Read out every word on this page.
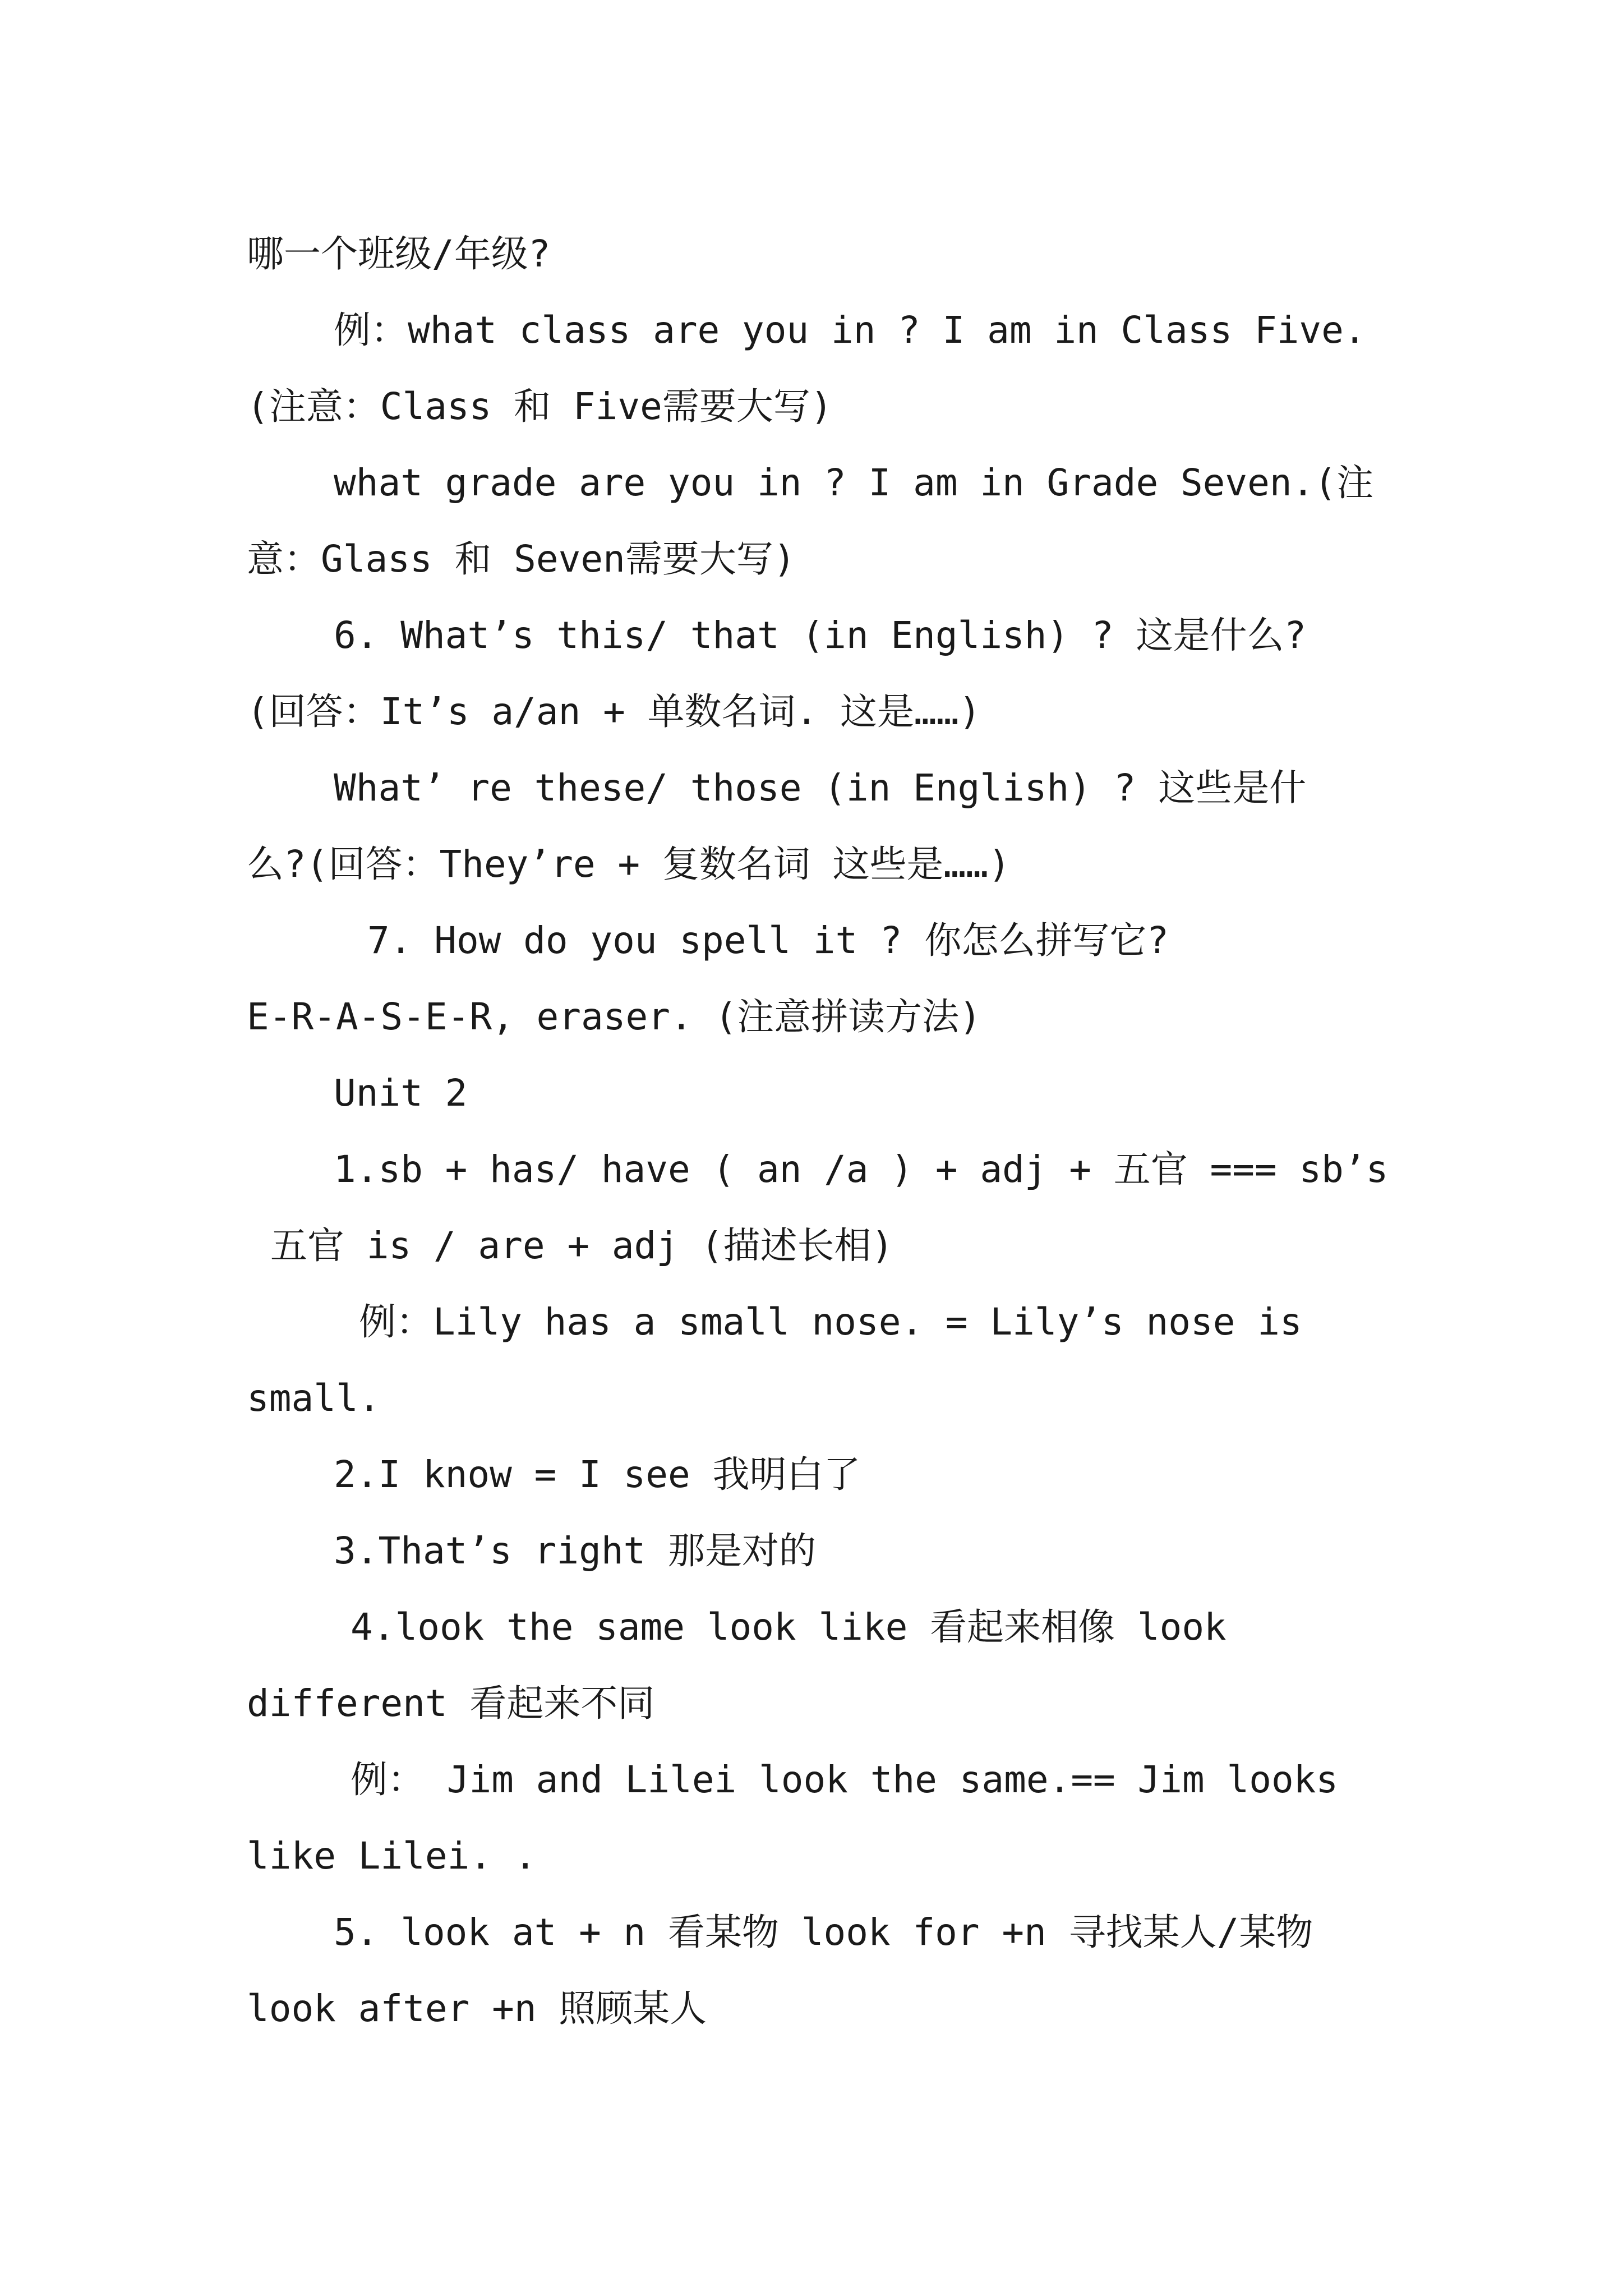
哪一个班级/年级?
例：what class are you in ? I am in Class Five.
(注意：Class 和 Five需要大写)
what grade are you in ? I am in Grade Seven.(注
意：Glass 和 Seven需要大写)
6. What’s this/ that (in English) ? 这是什么?
(回答：It’s a/an + 单数名词. 这是……)
What’ re these/ those (in English) ? 这些是什
么?(回答：They’re + 复数名词 这些是……)
7. How do you spell it ? 你怎么拼写它?
E-R-A-S-E-R, eraser. (注意拼读方法)
Unit 2
1.sb + has/ have ( an /a ) + adj + 五官 === sb’s
五官 is / are + adj (描述长相)
例：Lily has a small nose. = Lily’s nose is
small.
2.I know = I see 我明白了
3.That’s right 那是对的
4.look the same look like 看起来相像 look
different 看起来不同
例： Jim and Lilei look the same.== Jim looks
like Lilei. .
5. look at + n 看某物 look for +n 寻找某人/某物
look after +n 照顾某人
